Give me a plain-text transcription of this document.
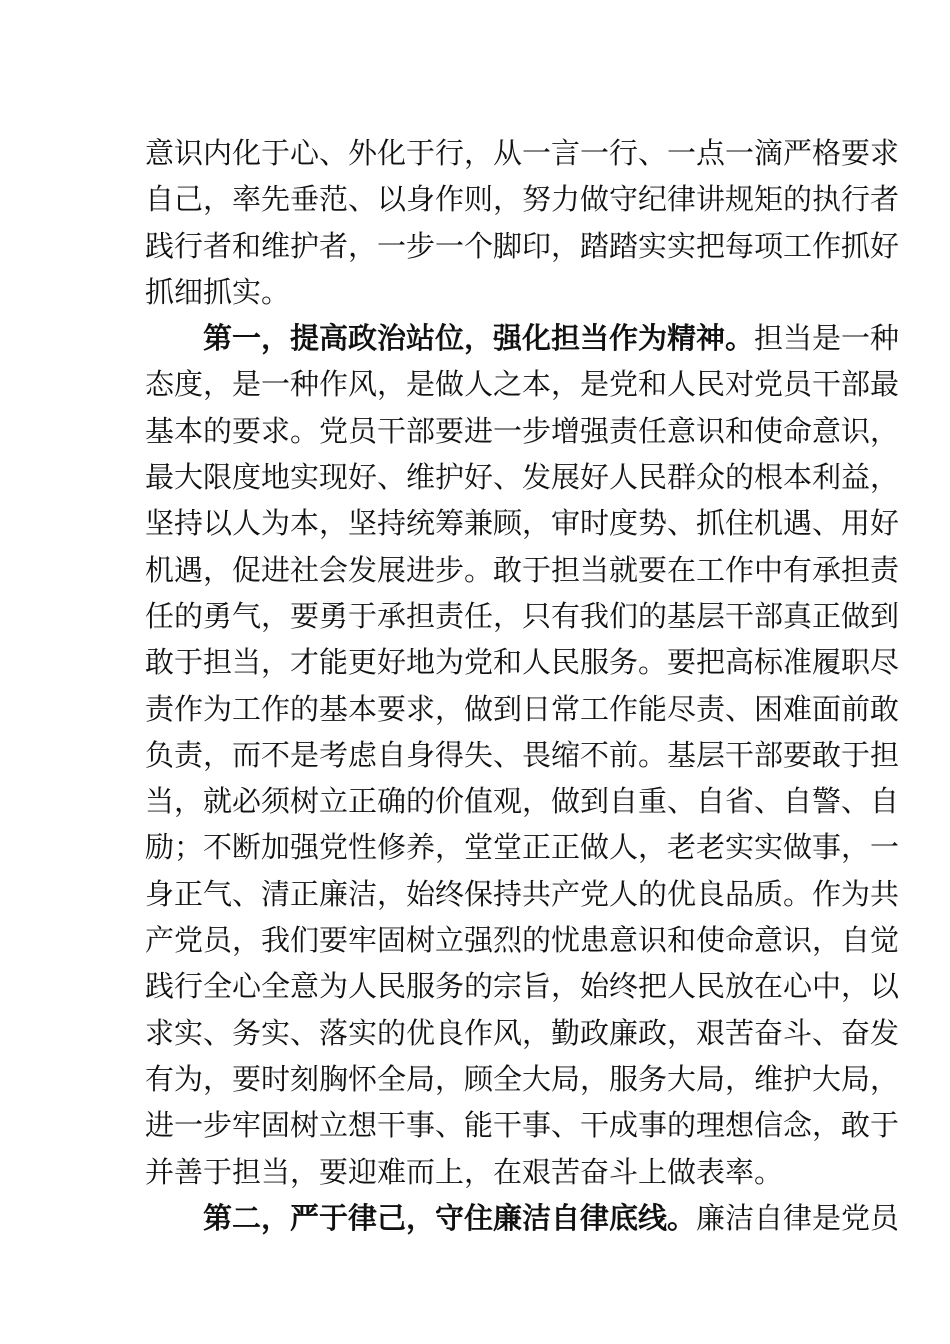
意识内化于心、外化于行，从一言一行、一点一滴严格要求
自己，率先垂范、以身作则，努力做守纪律讲规矩的执行者
践行者和维护者，一步一个脚印，踏踏实实把每项工作抓好
抓细抓实。
第一，提高政治站位，强化担当作为精神。担当是一种
态度，是一种作风，是做人之本，是党和人民对党员干部最
基本的要求。党员干部要进一步增强责任意识和使命意识，
最大限度地实现好、维护好、发展好人民群众的根本利益，
坚持以人为本，坚持统筹兼顾，审时度势、抓住机遇、用好
机遇，促进社会发展进步。敢于担当就要在工作中有承担责
任的勇气，要勇于承担责任，只有我们的基层干部真正做到
敢于担当，才能更好地为党和人民服务。要把高标准履职尽
责作为工作的基本要求，做到日常工作能尽责、困难面前敢
负责，而不是考虑自身得失、畏缩不前。基层干部要敢于担
当，就必须树立正确的价值观，做到自重、自省、自警、自
励；不断加强党性修养，堂堂正正做人，老老实实做事，一
身正气、清正廉洁，始终保持共产党人的优良品质。作为共
产党员，我们要牢固树立强烈的忧患意识和使命意识，自觉
践行全心全意为人民服务的宗旨，始终把人民放在心中，以
求实、务实、落实的优良作风，勤政廉政，艰苦奋斗、奋发
有为，要时刻胸怀全局，顾全大局，服务大局，维护大局，
进一步牢固树立想干事、能干事、干成事的理想信念，敢于
并善于担当，要迎难而上，在艰苦奋斗上做表率。
第二，严于律己，守住廉洁自律底线。廉洁自律是党员
